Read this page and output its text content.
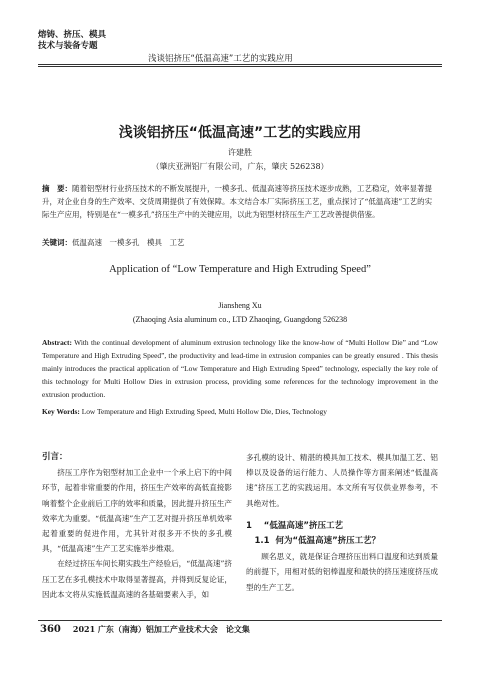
熔铸、挤压、模具
技术与装备专题
浅谈铝挤压“低温高速”工艺的实践应用
浅谈铝挤压“低温高速”工艺的实践应用
许建胜
（肇庆亚洲铝厂有限公司，广东，肇庆 526238）
摘　要：随着铝型材行业挤压技术的不断发展提升，一模多孔、低温高速等挤压技术逐步成熟，工艺稳定，效率显著提升，对企业自身的生产效率、交货周期提供了有效保障。本文结合本厂实际挤压工艺，重点探讨了“低温高速”工艺的实际生产应用，特别是在“一模多孔”挤压生产中的关键应用，以此为铝型材挤压生产工艺改善提供借鉴。
关键词：低温高速　一模多孔　模具　工艺
Application of “Low Temperature and High Extruding Speed”
Jiansheng Xu
(Zhaoqing Asia aluminum co., LTD Zhaoqing, Guangdong 526238
Abstract: With the continual development of aluminum extrusion technology like the know-how of “Multi Hollow Die” and “Low Temperature and High Extruding Speed”, the productivity and lead-time in extrusion companies can be greatly ensured . This thesis mainly introduces the practical application of “Low Temperature and High Extruding Speed” technology, especially the key role of this technology for Multi Hollow Dies in extrusion process, providing some references for the technology improvement in the extrusion production.
Key Words: Low Temperature and High Extruding Speed, Multi Hollow Die, Dies, Technology
引言：
挤压工序作为铝型材加工企业中一个承上启下的中间环节，起着非常重要的作用，挤压生产效率的高低直接影响着整个企业前后工序的效率和质量，因此提升挤压生产效率尤为重要。“低温高速”生产工艺对提升挤压单机效率起着重要的促进作用，尤其针对很多开不快的多孔模具，“低温高速”生产工艺实施举步维艰。
在经过挤压车间长期实践生产经验后，“低温高速”挤压工艺在多孔模技术中取得显著提高，并得到反复论证，因此本文将从实施低温高速的各基础要素入手，如
多孔模的设计、精湛的模具加工技术、模具加温工艺、铝棒以及设备的运行能力、人员操作等方面来阐述“低温高速”挤压工艺的实践运用。本文所有写仅供业界参考，不具绝对性。
1 “低温高速”挤压工艺
1.1 何为“低温高速”挤压工艺？
顾名思义，就是保证合理挤压出料口温度和达到质量的前提下，用相对低的铝棒温度和最快的挤压速度挤压成型的生产工艺。
360 2021 广东（南海）铝加工产业技术大会　论文集
